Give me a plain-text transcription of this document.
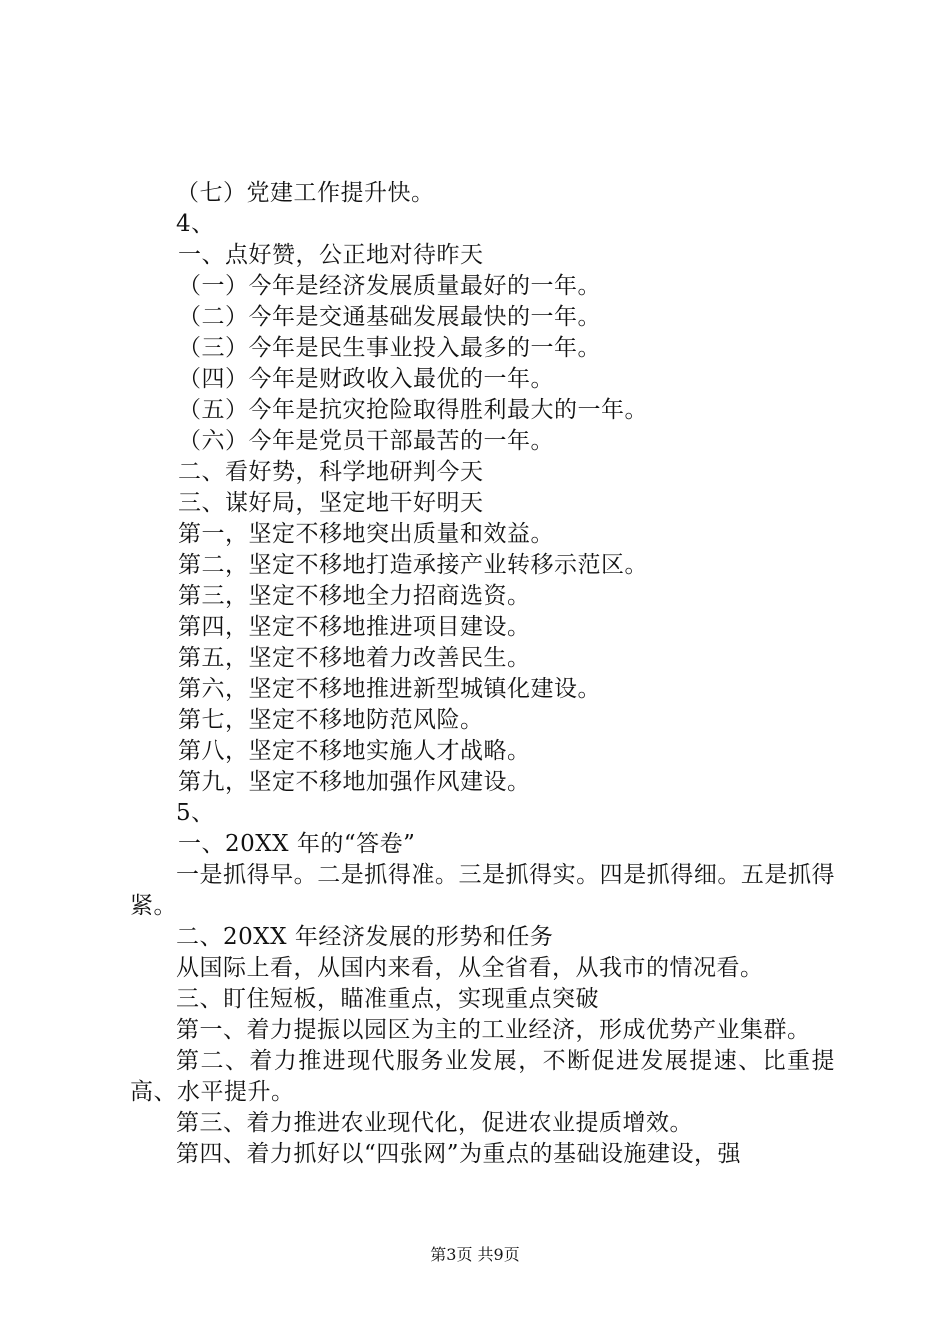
（七）党建工作提升快。
4、
一、点好赞，公正地对待昨天
（一）今年是经济发展质量最好的一年。
（二）今年是交通基础发展最快的一年。
（三）今年是民生事业投入最多的一年。
（四）今年是财政收入最优的一年。
（五）今年是抗灾抢险取得胜利最大的一年。
（六）今年是党员干部最苦的一年。
二、看好势，科学地研判今天
三、谋好局，坚定地干好明天
第一，坚定不移地突出质量和效益。
第二，坚定不移地打造承接产业转移示范区。
第三，坚定不移地全力招商选资。
第四，坚定不移地推进项目建设。
第五，坚定不移地着力改善民生。
第六，坚定不移地推进新型城镇化建设。
第七，坚定不移地防范风险。
第八，坚定不移地实施人才战略。
第九，坚定不移地加强作风建设。
5、
一、20XX 年的“答卷”
一是抓得早。二是抓得准。三是抓得实。四是抓得细。五是抓得紧。
二、20XX 年经济发展的形势和任务
从国际上看，从国内来看，从全省看，从我市的情况看。
三、盯住短板，瞄准重点，实现重点突破
第一、着力提振以园区为主的工业经济，形成优势产业集群。
第二、着力推进现代服务业发展，不断促进发展提速、比重提高、水平提升。
第三、着力推进农业现代化，促进农业提质增效。
第四、着力抓好以“四张网”为重点的基础设施建设，强
第3页 共9页
